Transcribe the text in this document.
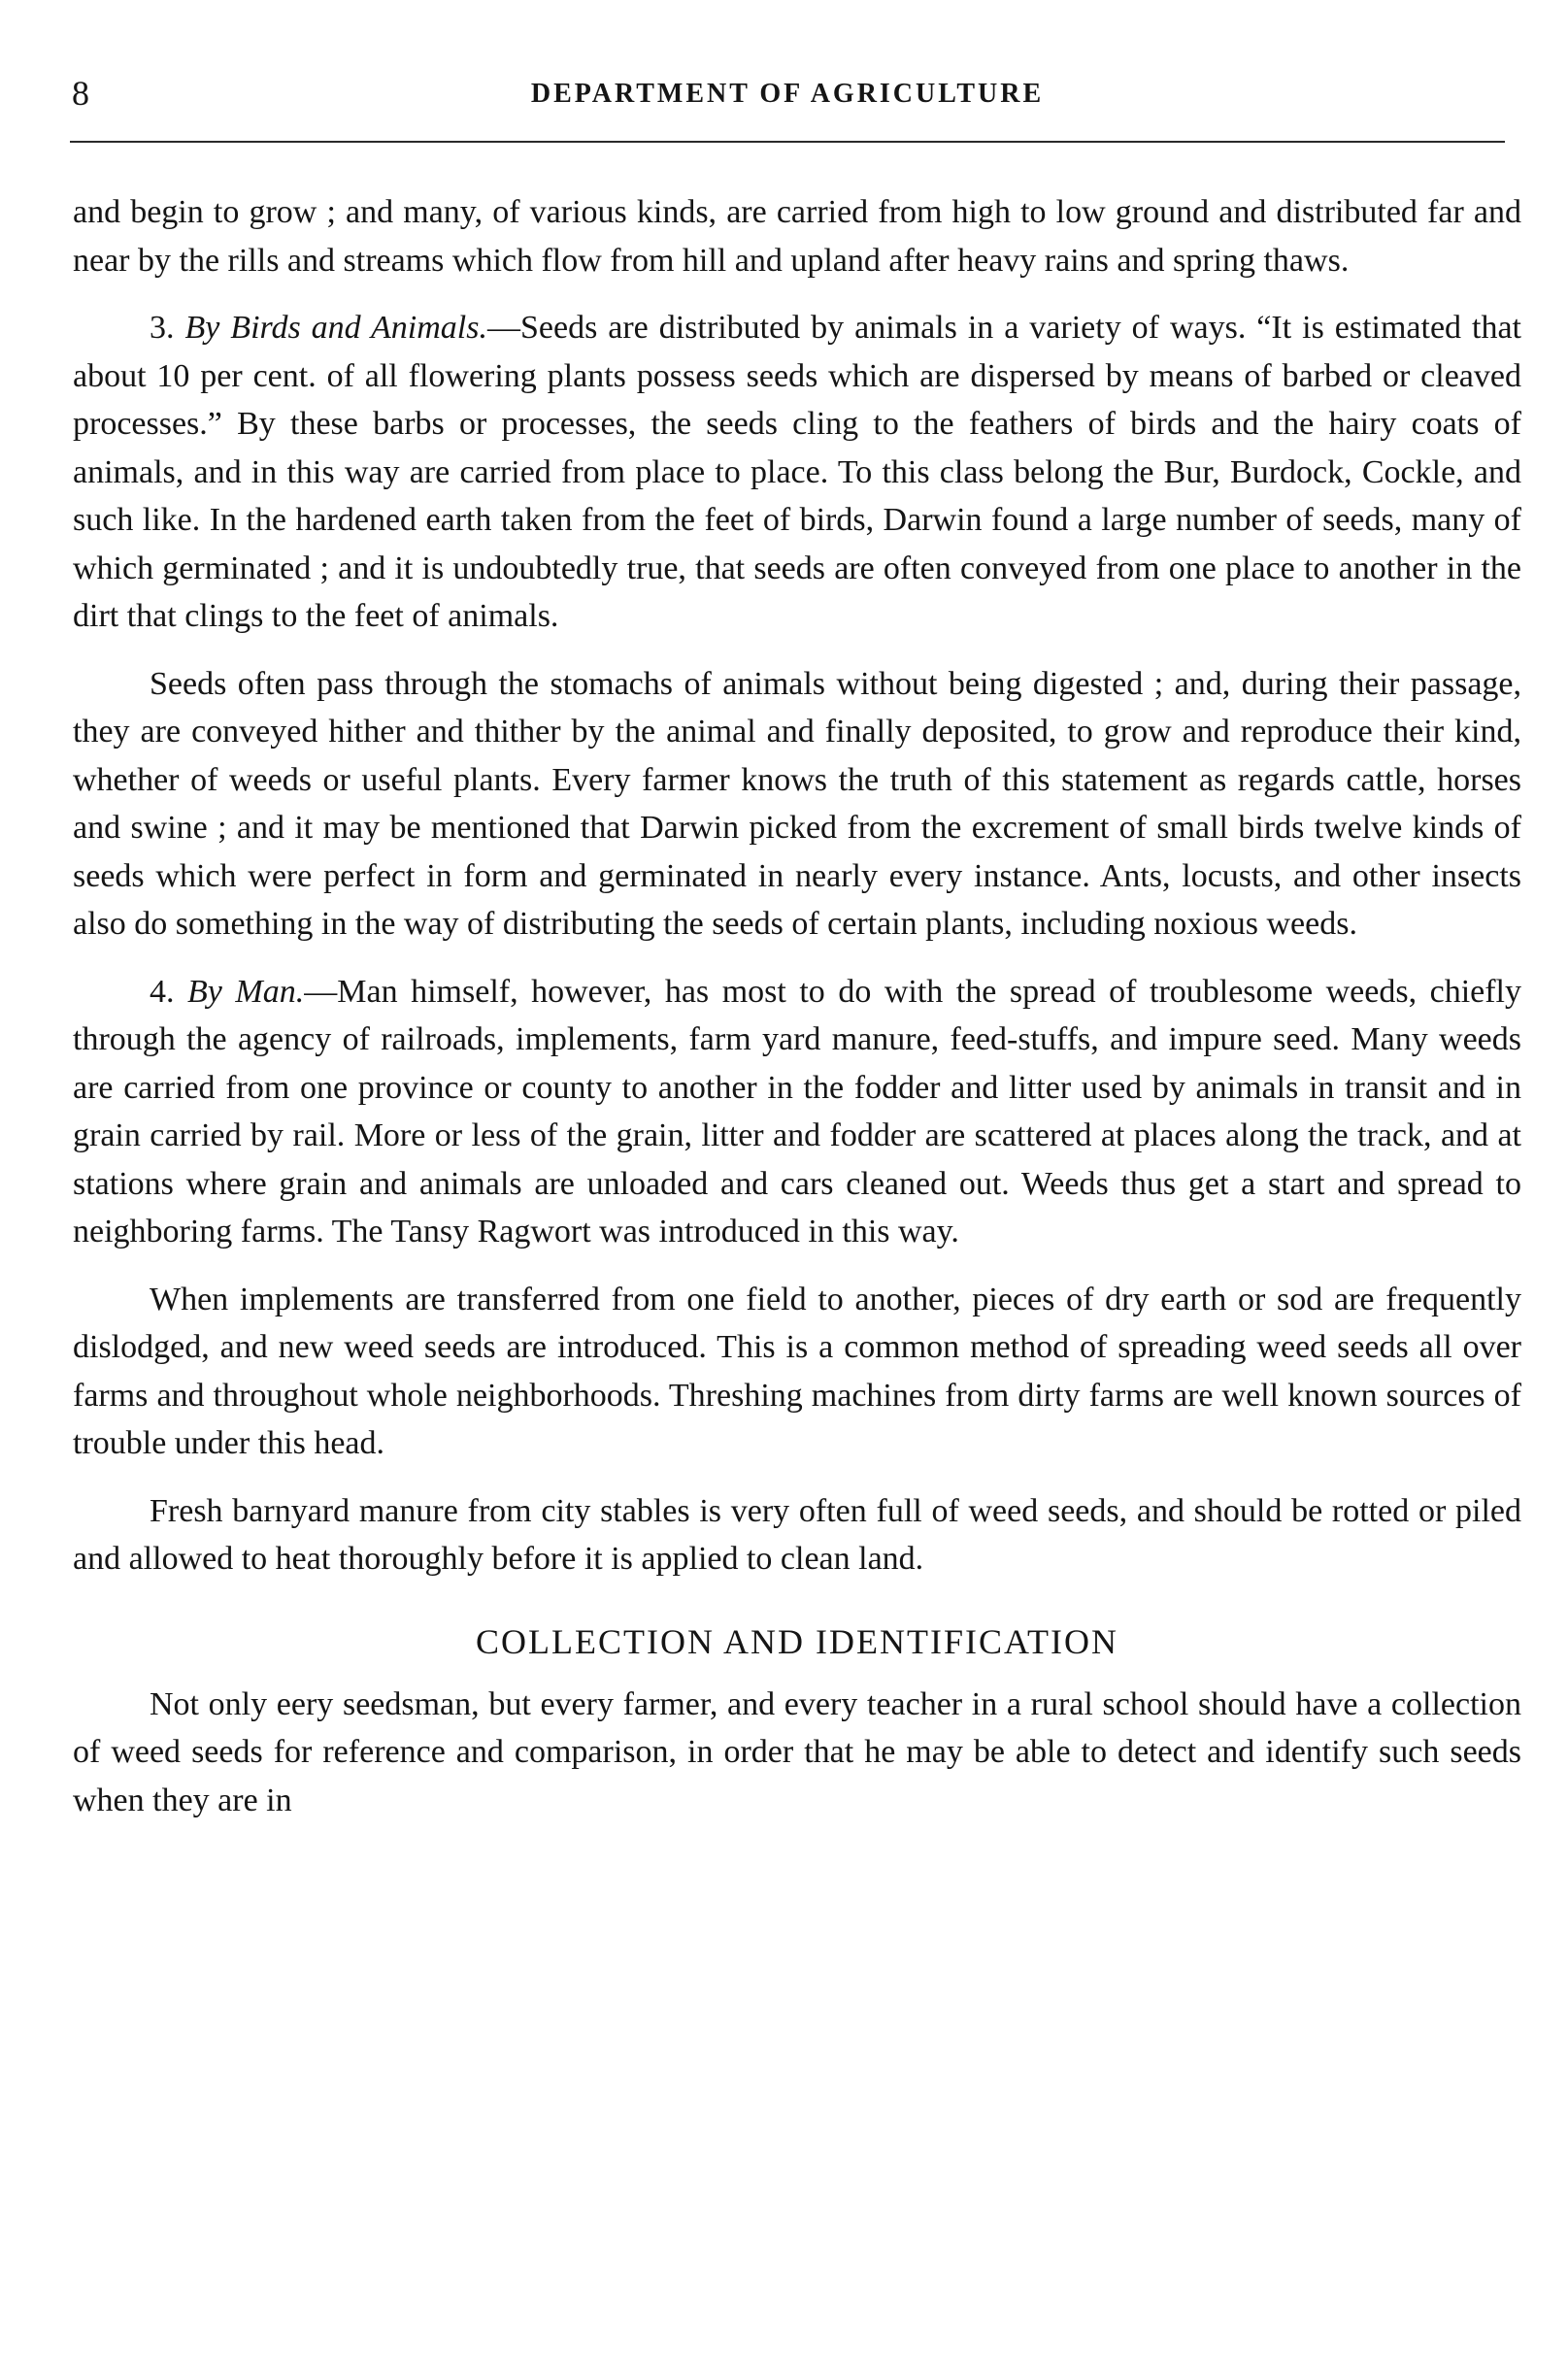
8	DEPARTMENT OF AGRICULTURE

and begin to grow ; and many, of various kinds, are carried from high to low ground and distributed far and near by the rills and streams which flow from hill and upland after heavy rains and spring thaws.

3. By Birds and Animals.—Seeds are distributed by animals in a variety of ways. “It is estimated that about 10 per cent. of all flowering plants possess seeds which are dispersed by means of barbed or cleaved processes.” By these barbs or processes, the seeds cling to the feathers of birds and the hairy coats of animals, and in this way are carried from place to place. To this class belong the Bur, Burdock, Cockle, and such like. In the hardened earth taken from the feet of birds, Darwin found a large number of seeds, many of which germinated ; and it is undoubtedly true, that seeds are often conveyed from one place to another in the dirt that clings to the feet of animals.

Seeds often pass through the stomachs of animals without being digested ; and, during their passage, they are conveyed hither and thither by the animal and finally deposited, to grow and reproduce their kind, whether of weeds or useful plants. Every farmer knows the truth of this statement as regards cattle, horses and swine ; and it may be mentioned that Darwin picked from the excrement of small birds twelve kinds of seeds which were perfect in form and germinated in nearly every instance. Ants, locusts, and other insects also do something in the way of distributing the seeds of certain plants, including noxious weeds.

4. By Man.—Man himself, however, has most to do with the spread of troublesome weeds, chiefly through the agency of railroads, implements, farm yard manure, feed-stuffs, and impure seed. Many weeds are carried from one province or county to another in the fodder and litter used by animals in transit and in grain carried by rail. More or less of the grain, litter and fodder are scattered at places along the track, and at stations where grain and animals are unloaded and cars cleaned out. Weeds thus get a start and spread to neighboring farms. The Tansy Ragwort was introduced in this way.

When implements are transferred from one field to another, pieces of dry earth or sod are frequently dislodged, and new weed seeds are introduced. This is a common method of spreading weed seeds all over farms and throughout whole neighborhoods. Threshing machines from dirty farms are well known sources of trouble under this head.

Fresh barnyard manure from city stables is very often full of weed seeds, and should be rotted or piled and allowed to heat thoroughly before it is applied to clean land.

COLLECTION AND IDENTIFICATION

Not only eery seedsman, but every farmer, and every teacher in a rural school should have a collection of weed seeds for reference and comparison, in order that he may be able to detect and identify such seeds when they are in
